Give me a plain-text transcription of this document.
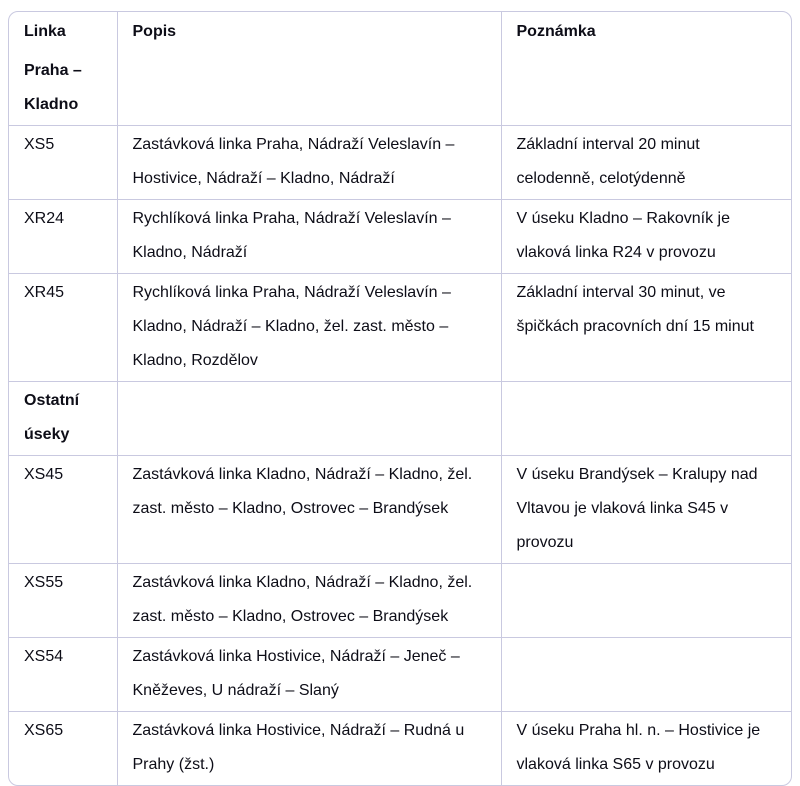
Linka	Popis	Poznámka
Praha – Kladno		
XS5	Zastávková linka Praha, Nádraží Veleslavín – Hostivice, Nádraží – Kladno, Nádraží	Základní interval 20 minut celodenně, celotýdenně
XR24	Rychlíková linka Praha, Nádraží Veleslavín – Kladno, Nádraží	V úseku Kladno – Rakovník je vlaková linka R24 v provozu
XR45	Rychlíková linka Praha, Nádraží Veleslavín – Kladno, Nádraží – Kladno, žel. zast. město – Kladno, Rozdělov	Základní interval 30 minut, ve špičkách pracovních dní 15 minut
Ostatní úseky		
XS45	Zastávková linka Kladno, Nádraží – Kladno, žel. zast. město – Kladno, Ostrovec – Brandýsek	V úseku Brandýsek – Kralupy nad Vltavou je vlaková linka S45 v provozu
XS55	Zastávková linka Kladno, Nádraží – Kladno, žel. zast. město – Kladno, Ostrovec – Brandýsek	
XS54	Zastávková linka Hostivice, Nádraží – Jeneč – Kněževes, U nádraží – Slaný	
XS65	Zastávková linka Hostivice, Nádraží – Rudná u Prahy (žst.)	V úseku Praha hl. n. – Hostivice je vlaková linka S65 v provozu
